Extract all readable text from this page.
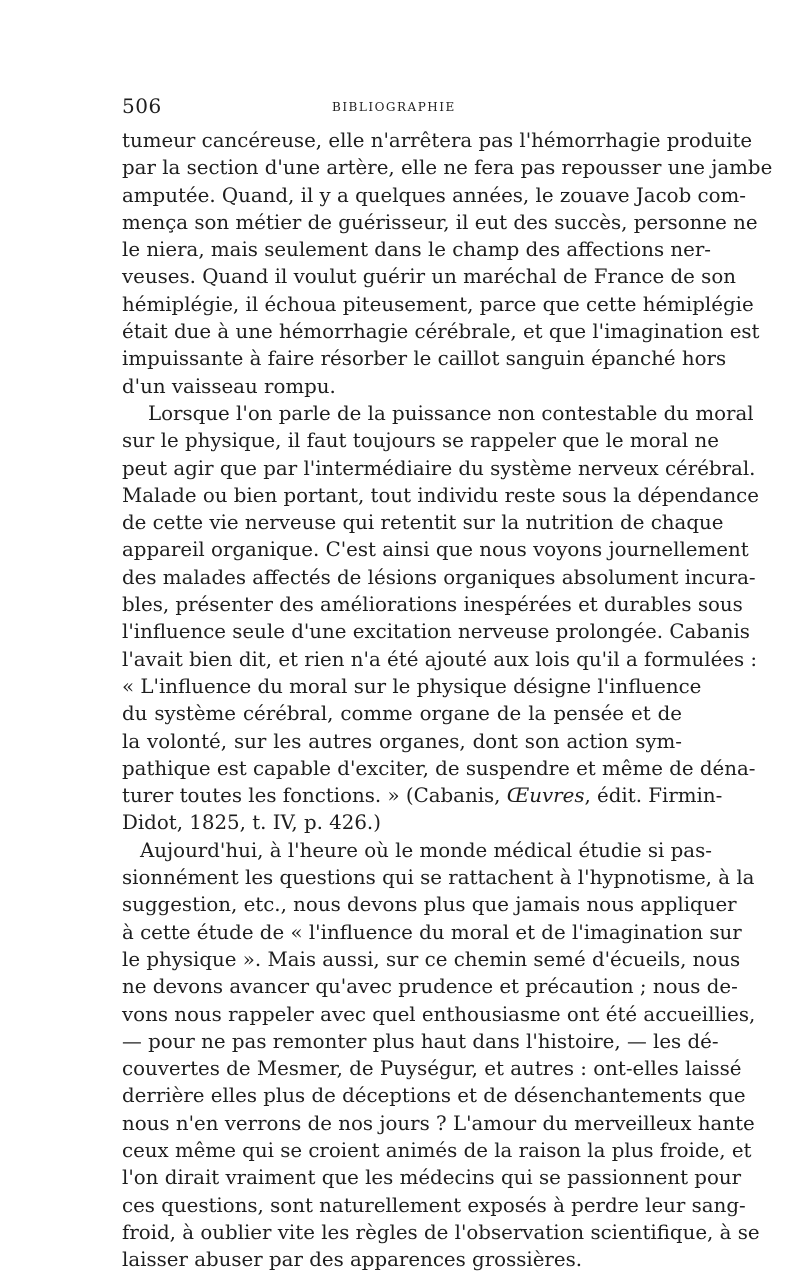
506	BIBLIOGRAPHIE
tumeur cancéreuse, elle n'arrêtera pas l'hémorrhagie produite
par la section d'une artère, elle ne fera pas repousser une jambe
amputée. Quand, il y a quelques années, le zouave Jacob com-
mença son métier de guérisseur, il eut des succès, personne ne
le niera, mais seulement dans le champ des affections ner-
veuses. Quand il voulut guérir un maréchal de France de son
hémiplégie, il échoua piteusement, parce que cette hémiplégie
était due à une hémorrhagie cérébrale, et que l'imagination est
impuissante à faire résorber le caillot sanguin épanché hors
d'un vaisseau rompu.
Lorsque l'on parle de la puissance non contestable du moral
sur le physique, il faut toujours se rappeler que le moral ne
peut agir que par l'intermédiaire du système nerveux cérébral.
Malade ou bien portant, tout individu reste sous la dépendance
de cette vie nerveuse qui retentit sur la nutrition de chaque
appareil organique. C'est ainsi que nous voyons journellement
des malades affectés de lésions organiques absolument incura-
bles, présenter des améliorations inespérées et durables sous
l'influence seule d'une excitation nerveuse prolongée. Cabanis
l'avait bien dit, et rien n'a été ajouté aux lois qu'il a formulées :
« L'influence du moral sur le physique désigne l'influence
du système cérébral, comme organe de la pensée et de
la volonté, sur les autres organes, dont son action sym-
pathique est capable d'exciter, de suspendre et même de déna-
turer toutes les fonctions. » (Cabanis, Œuvres, édit. Firmin-
Didot, 1825, t. IV, p. 426.)
Aujourd'hui, à l'heure où le monde médical étudie si pas-
sionnément les questions qui se rattachent à l'hypnotisme, à la
suggestion, etc., nous devons plus que jamais nous appliquer
à cette étude de « l'influence du moral et de l'imagination sur
le physique ». Mais aussi, sur ce chemin semé d'écueils, nous
ne devons avancer qu'avec prudence et précaution ; nous de-
vons nous rappeler avec quel enthousiasme ont été accueillies,
— pour ne pas remonter plus haut dans l'histoire, — les dé-
couvertes de Mesmer, de Puységur, et autres : ont-elles laissé
derrière elles plus de déceptions et de désenchantements que
nous n'en verrons de nos jours ? L'amour du merveilleux hante
ceux même qui se croient animés de la raison la plus froide, et
l'on dirait vraiment que les médecins qui se passionnent pour
ces questions, sont naturellement exposés à perdre leur sang-
froid, à oublier vite les règles de l'observation scientifique, à se
laisser abuser par des apparences grossières.
